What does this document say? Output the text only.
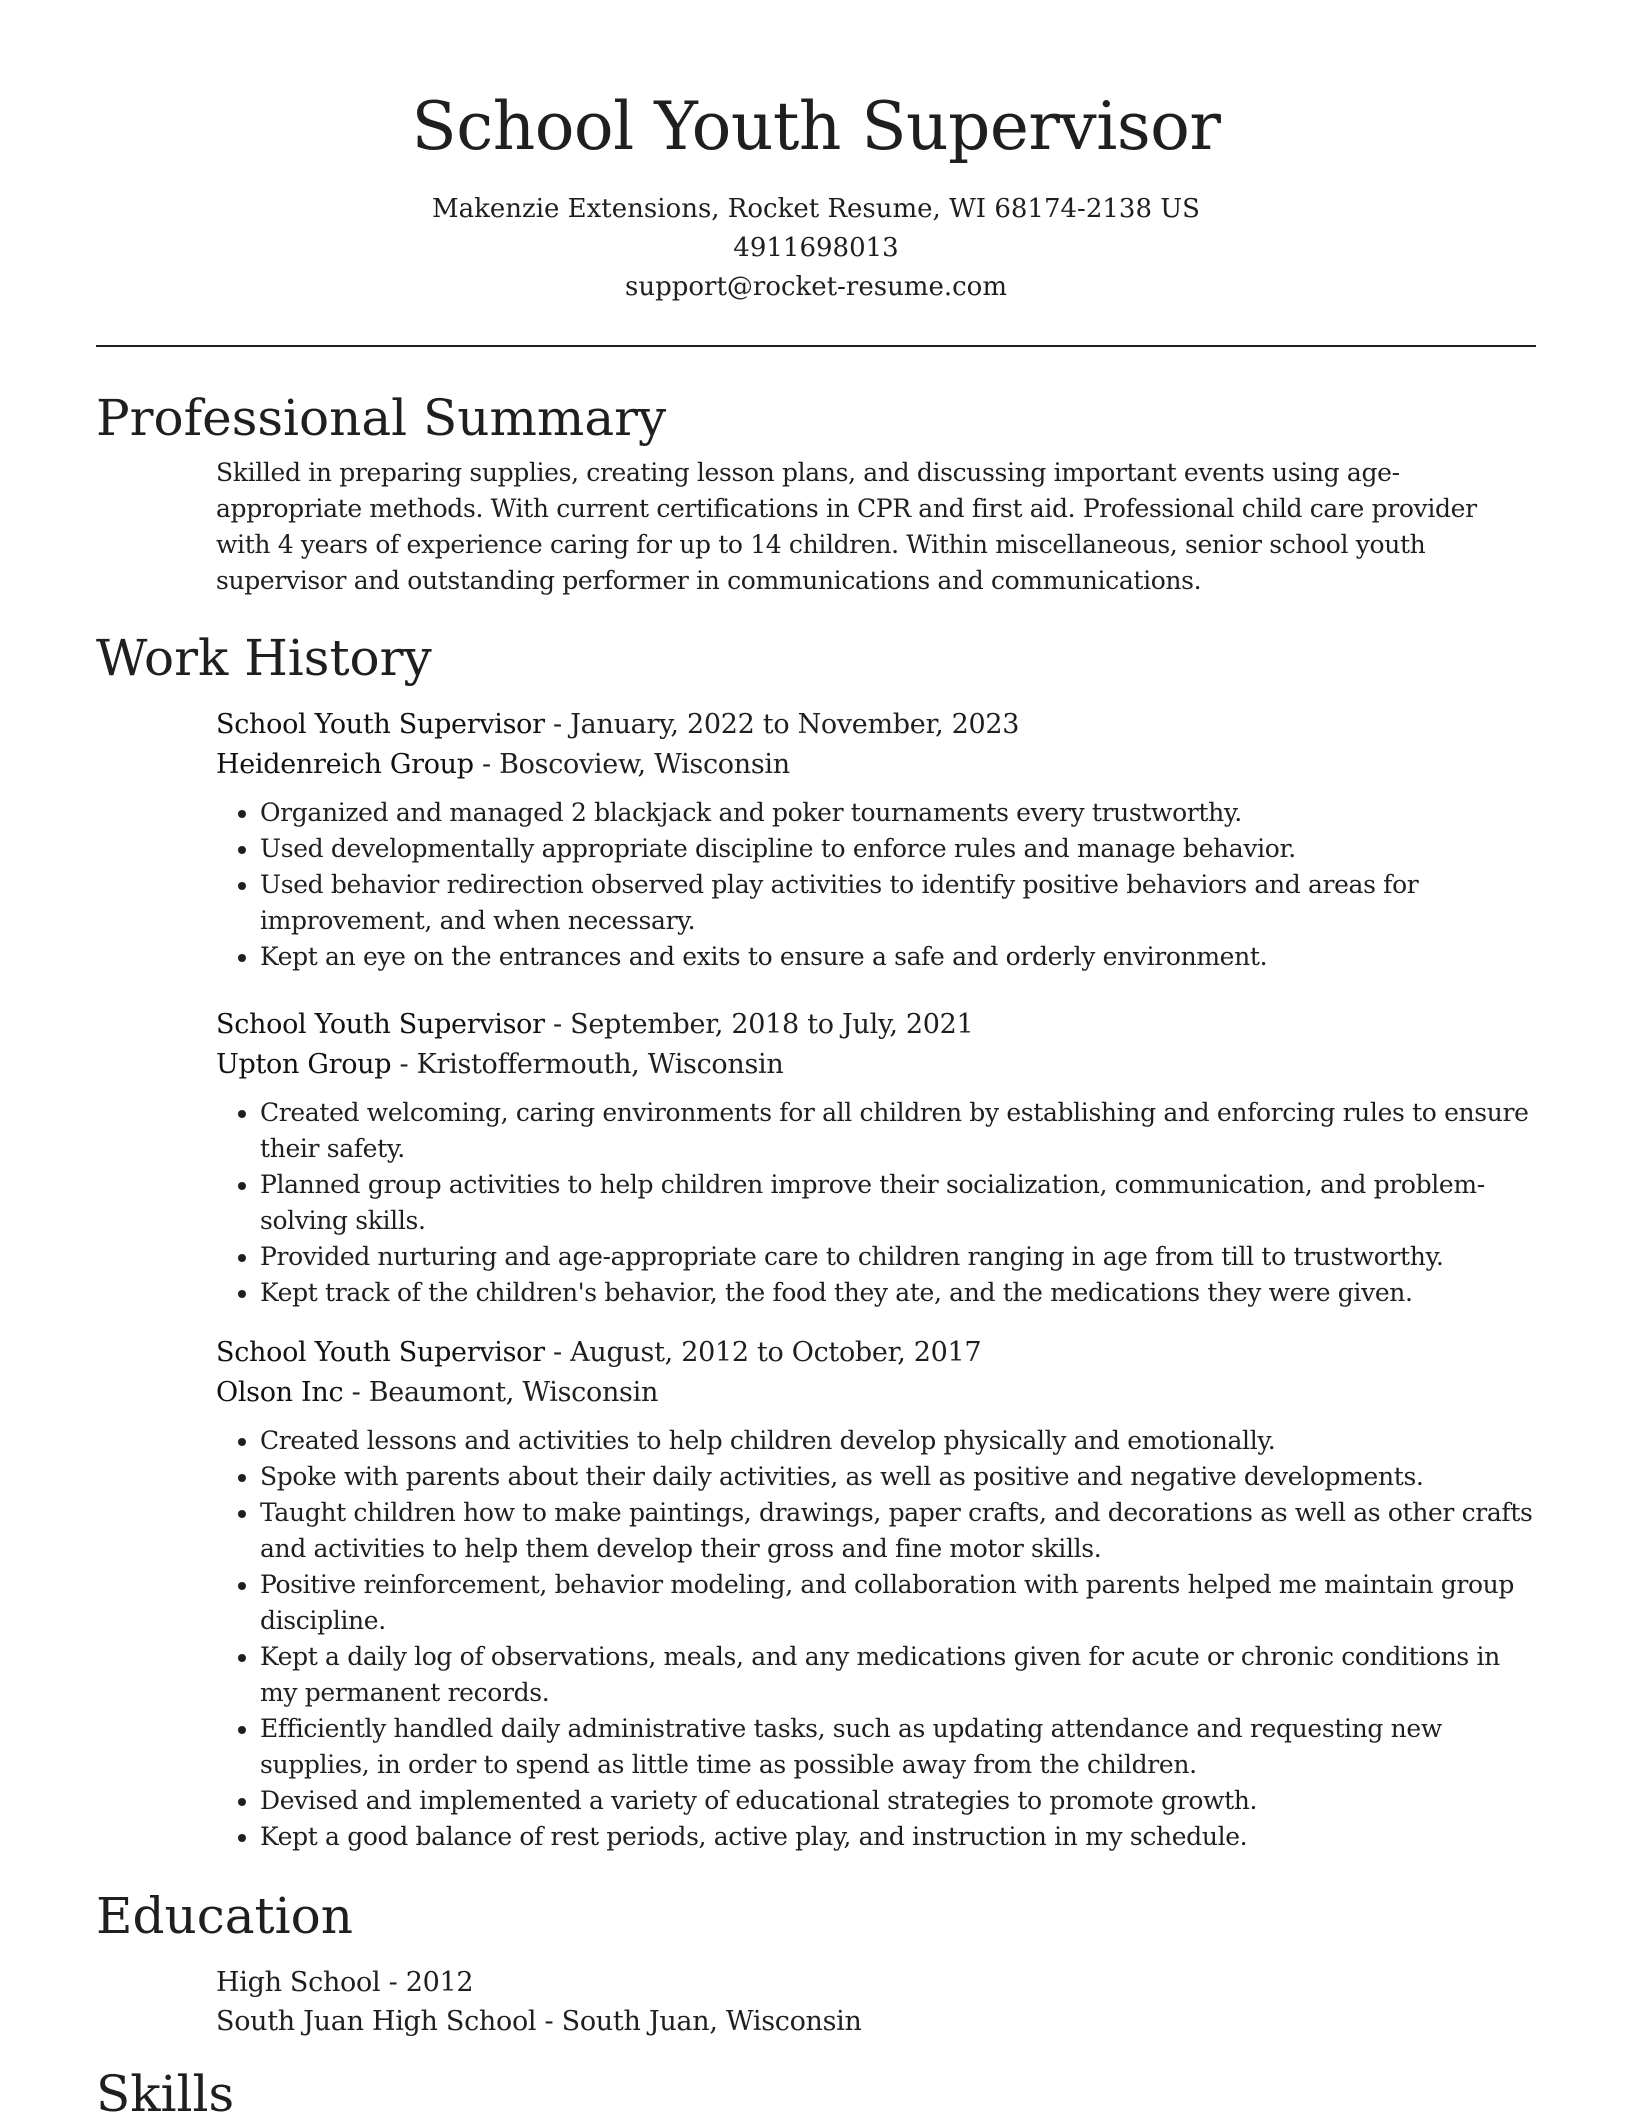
School Youth Supervisor
Makenzie Extensions, Rocket Resume, WI 68174-2138 US
4911698013
support@rocket-resume.com
Professional Summary

Skilled in preparing supplies, creating lesson plans, and discussing important events using age-appropriate methods. With current certifications in CPR and first aid. Professional child care provider with 4 years of experience caring for up to 14 children. Within miscellaneous, senior school youth supervisor and outstanding performer in communications and communications.

Work History
School Youth Supervisor - January, 2022 to November, 2023
Heidenreich Group - Boscoview, Wisconsin
• Organized and managed 2 blackjack and poker tournaments every trustworthy.
• Used developmentally appropriate discipline to enforce rules and manage behavior.
• Used behavior redirection observed play activities to identify positive behaviors and areas for improvement, and when necessary.
• Kept an eye on the entrances and exits to ensure a safe and orderly environment.
School Youth Supervisor - September, 2018 to July, 2021
Upton Group - Kristoffermouth, Wisconsin
• Created welcoming, caring environments for all children by establishing and enforcing rules to ensure their safety.
• Planned group activities to help children improve their socialization, communication, and problem-solving skills.
• Provided nurturing and age-appropriate care to children ranging in age from till to trustworthy.
• Kept track of the children's behavior, the food they ate, and the medications they were given.
School Youth Supervisor - August, 2012 to October, 2017
Olson Inc - Beaumont, Wisconsin
• Created lessons and activities to help children develop physically and emotionally.
• Spoke with parents about their daily activities, as well as positive and negative developments.
• Taught children how to make paintings, drawings, paper crafts, and decorations as well as other crafts and activities to help them develop their gross and fine motor skills.
• Positive reinforcement, behavior modeling, and collaboration with parents helped me maintain group discipline.
• Kept a daily log of observations, meals, and any medications given for acute or chronic conditions in my permanent records.
• Efficiently handled daily administrative tasks, such as updating attendance and requesting new supplies, in order to spend as little time as possible away from the children.
• Devised and implemented a variety of educational strategies to promote growth.
• Kept a good balance of rest periods, active play, and instruction in my schedule.
Education
High School - 2012
South Juan High School - South Juan, Wisconsin
Skills
